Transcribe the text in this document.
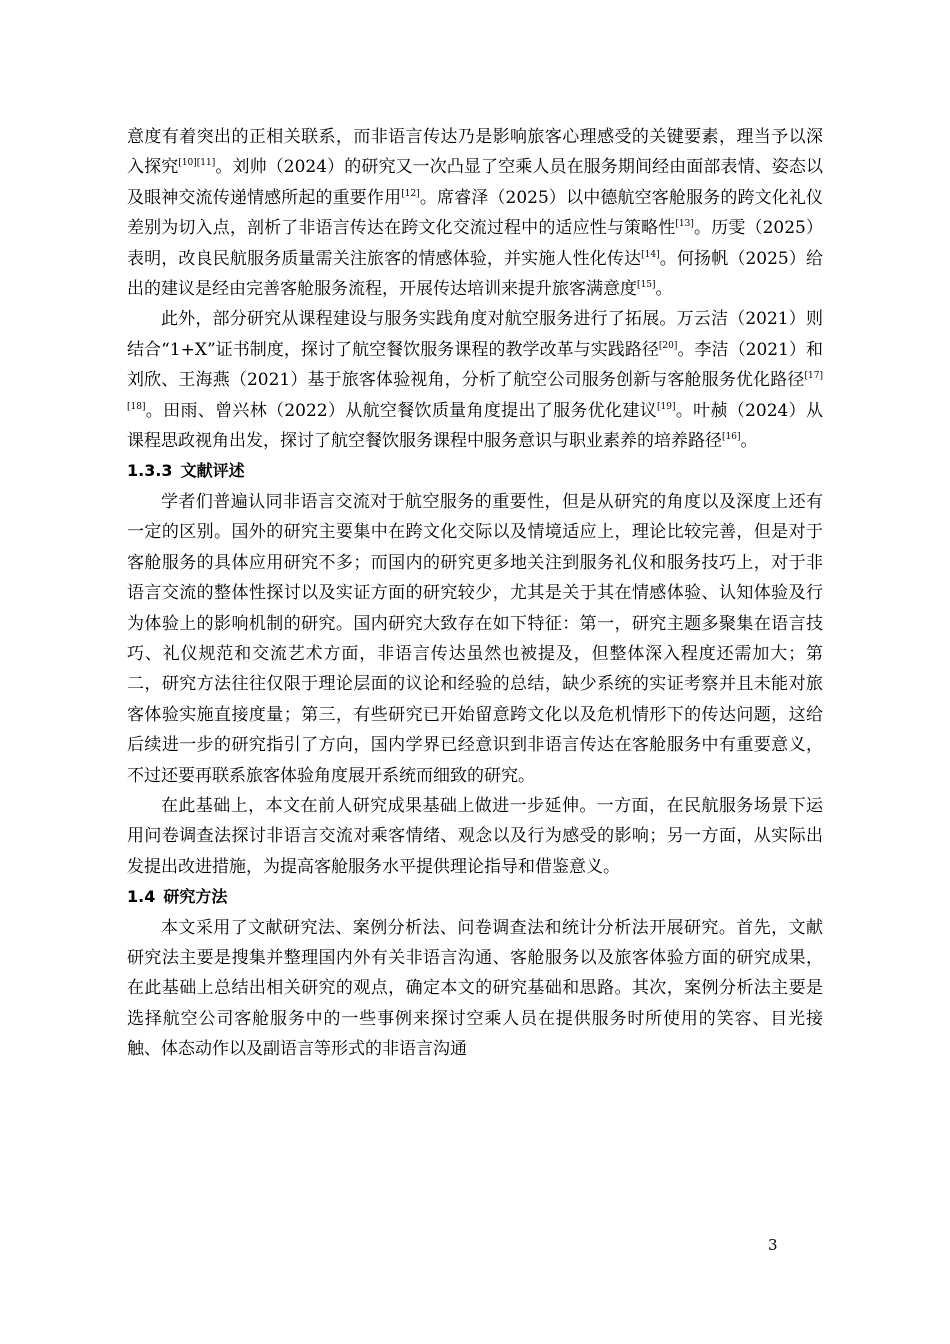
意度有着突出的正相关联系，而非语言传达乃是影响旅客心理感受的关键要素，理当予以深入探究[10][11]。刘帅（2024）的研究又一次凸显了空乘人员在服务期间经由面部表情、姿态以及眼神交流传递情感所起的重要作用[12]。席睿泽（2025）以中德航空客舱服务的跨文化礼仪差别为切入点，剖析了非语言传达在跨文化交流过程中的适应性与策略性[13]。历雯（2025）表明，改良民航服务质量需关注旅客的情感体验，并实施人性化传达[14]。何扬帆（2025）给出的建议是经由完善客舱服务流程，开展传达培训来提升旅客满意度[15]。

此外，部分研究从课程建设与服务实践角度对航空服务进行了拓展。万云洁（2021）则结合“1+X”证书制度，探讨了航空餐饮服务课程的教学改革与实践路径[20]。李洁（2021）和刘欣、王海燕（2021）基于旅客体验视角，分析了航空公司服务创新与客舱服务优化路径[17][18]。田雨、曾兴林（2022）从航空餐饮质量角度提出了服务优化建议[19]。叶赪（2024）从课程思政视角出发，探讨了航空餐饮服务课程中服务意识与职业素养的培养路径[16]。

1.3.3 文献评述

学者们普遍认同非语言交流对于航空服务的重要性，但是从研究的角度以及深度上还有一定的区别。国外的研究主要集中在跨文化交际以及情境适应上，理论比较完善，但是对于客舱服务的具体应用研究不多；而国内的研究更多地关注到服务礼仪和服务技巧上，对于非语言交流的整体性探讨以及实证方面的研究较少，尤其是关于其在情感体验、认知体验及行为体验上的影响机制的研究。国内研究大致存在如下特征：第一，研究主题多聚集在语言技巧、礼仪规范和交流艺术方面，非语言传达虽然也被提及，但整体深入程度还需加大；第二，研究方法往往仅限于理论层面的议论和经验的总结，缺少系统的实证考察并且未能对旅客体验实施直接度量；第三，有些研究已开始留意跨文化以及危机情形下的传达问题，这给后续进一步的研究指引了方向，国内学界已经意识到非语言传达在客舱服务中有重要意义，不过还要再联系旅客体验角度展开系统而细致的研究。

在此基础上，本文在前人研究成果基础上做进一步延伸。一方面，在民航服务场景下运用问卷调查法探讨非语言交流对乘客情绪、观念以及行为感受的影响；另一方面，从实际出发提出改进措施，为提高客舱服务水平提供理论指导和借鉴意义。

1.4 研究方法

本文采用了文献研究法、案例分析法、问卷调查法和统计分析法开展研究。首先，文献研究法主要是搜集并整理国内外有关非语言沟通、客舱服务以及旅客体验方面的研究成果，在此基础上总结出相关研究的观点，确定本文的研究基础和思路。其次，案例分析法主要是选择航空公司客舱服务中的一些事例来探讨空乘人员在提供服务时所使用的笑容、目光接触、体态动作以及副语言等形式的非语言沟通

3
